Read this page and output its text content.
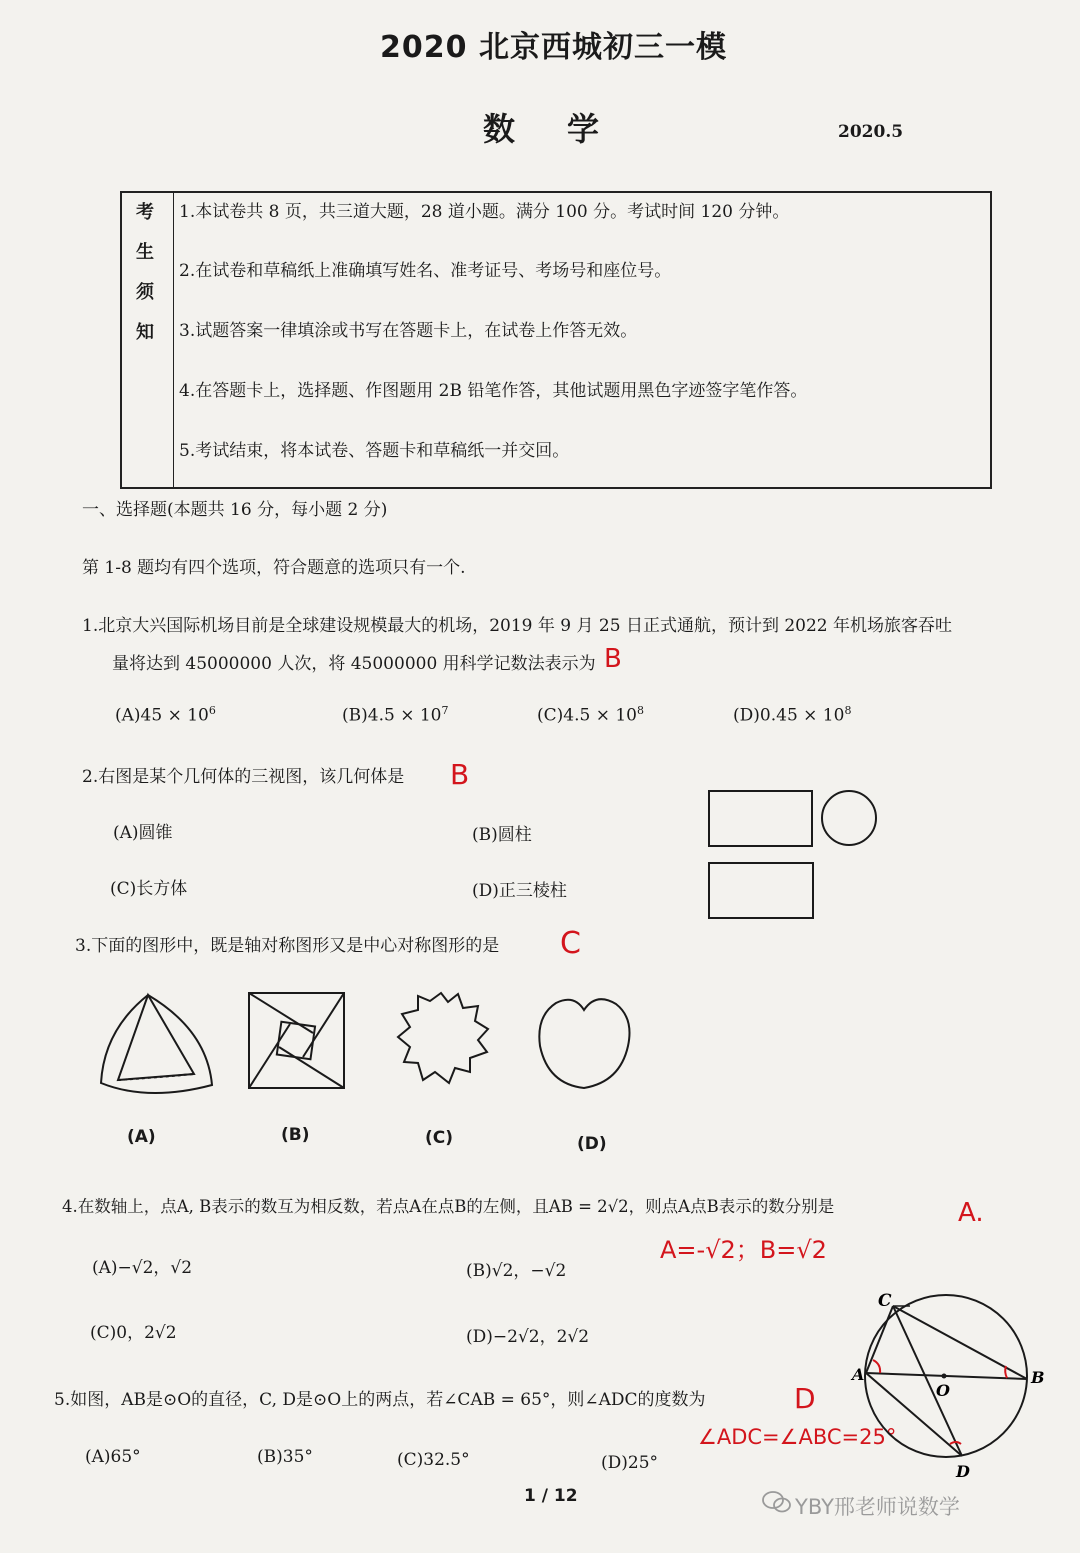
2020 北京西城初三一模
数学	2020.5
考
生
须
知
1.本试卷共 8 页，共三道大题，28 道小题。满分 100 分。考试时间 120 分钟。
2.在试卷和草稿纸上准确填写姓名、准考证号、考场号和座位号。
3.试题答案一律填涂或书写在答题卡上，在试卷上作答无效。
4.在答题卡上，选择题、作图题用 2B 铅笔作答，其他试题用黑色字迹签字笔作答。
5.考试结束，将本试卷、答题卡和草稿纸一并交回。
一、选择题(本题共 16 分，每小题 2 分)
第 1-8 题均有四个选项，符合题意的选项只有一个.
1.北京大兴国际机场目前是全球建设规模最大的机场，2019 年 9 月 25 日正式通航，预计到 2022 年机场旅客吞吐
量将达到 45000000 人次，将 45000000 用科学记数法表示为 B
$(A)45 \times 10^6$	$(B)4.5 \times 10^7$	$(C)4.5 \times 10^8$	$(D)0.45 \times 10^8$
2.右图是某个几何体的三视图，该几何体是 B
(A)圆锥	(B)圆柱
(C)长方体	(D)正三棱柱
3.下面的图形中，既是轴对称图形又是中心对称图形的是 C
(A)	(B)	(C)	(D)
4.在数轴上，点A, B表示的数互为相反数，若点A在点B的左侧，且AB = 2√2，则点A点B表示的数分别是	A.
A=-√2；B=√2
(A)−√2，√2	(B)√2，−√2
(C)0，2√2	(D)−2√2，2√2
5.如图，AB是⊙O的直径，C, D是⊙O上的两点，若∠CAB = 65°，则∠ADC的度数为	D
∠ADC=∠ABC=25°
(A)65°	(B)35°	(C)32.5°	(D)25°
C
A	B
O
D
1 / 12	YBY邢老师说数学
